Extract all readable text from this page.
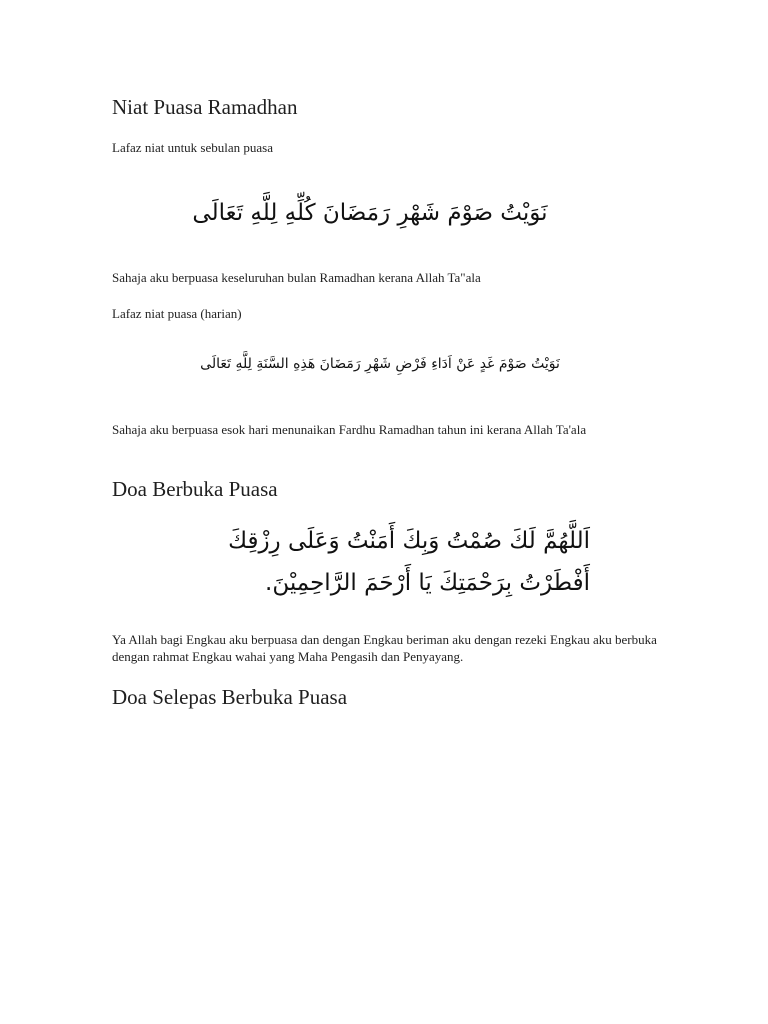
Niat Puasa Ramadhan

Lafaz niat untuk sebulan puasa

نَوَيْتُ صَوْمَ شَهْرِ رَمَضَانَ كُلِّهِ لِلَّهِ تَعَالَى

Sahaja aku berpuasa keseluruhan bulan Ramadhan kerana Allah Ta"ala

Lafaz niat puasa (harian)

نَوَيْتُ صَوْمَ غَدٍ عَنْ اَدَاءِ فَرْضِ شَهْرِ رَمَضَانَ هَذِهِ السَّنَةِ لِلَّهِ تَعَالَى

Sahaja aku berpuasa esok hari menunaikan Fardhu Ramadhan tahun ini kerana Allah Ta'ala

Doa Berbuka Puasa

اَللَّهُمَّ لَكَ صُمْتُ وَبِكَ أَمَنْتُ وَعَلَى رِزْقِكَ

أَفْطَرْتُ بِرَحْمَتِكَ يَا أَرْحَمَ الرَّاحِمِيْنَ.

Ya Allah bagi Engkau aku berpuasa dan dengan Engkau beriman aku dengan rezeki Engkau aku berbuka dengan rahmat Engkau wahai yang Maha Pengasih dan Penyayang.

Doa Selepas Berbuka Puasa
